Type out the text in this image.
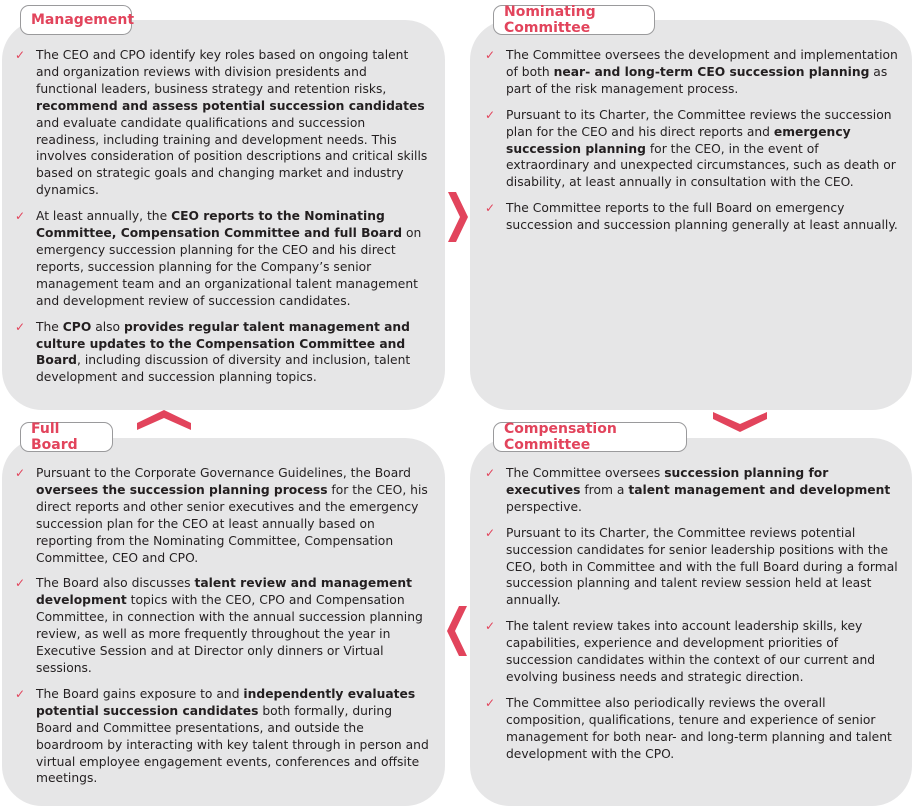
Management	Nominating Committee
Full Board
Compensation Committee
✓ The CEO and CPO identify key roles based on ongoing talent and organization reviews with division presidents and functional leaders, business strategy and retention risks, recommend and assess potential succession candidates and evaluate candidate qualifications and succession readiness, including training and development needs. This involves consideration of position descriptions and critical skills based on strategic goals and changing market and industry dynamics.
✓ At least annually, the CEO reports to the Nominating Committee, Compensation Committee and full Board on emergency succession planning for the CEO and his direct reports, succession planning for the Company’s senior management team and an organizational talent management and development review of succession candidates.
✓ The CPO also provides regular talent management and culture updates to the Compensation Committee and Board, including discussion of diversity and inclusion, talent development and succession planning topics.
✓ The Committee oversees the development and implementation of both near- and long-term CEO succession planning as part of the risk management process.
✓ Pursuant to its Charter, the Committee reviews the succession plan for the CEO and his direct reports and emergency succession planning for the CEO, in the event of extraordinary and unexpected circumstances, such as death or disability, at least annually in consultation with the CEO.
✓ The Committee reports to the full Board on emergency succession and succession planning generally at least annually.
✓ Pursuant to the Corporate Governance Guidelines, the Board oversees the succession planning process for the CEO, his direct reports and other senior executives and the emergency succession plan for the CEO at least annually based on reporting from the Nominating Committee, Compensation Committee, CEO and CPO.
✓ The Board also discusses talent review and management development topics with the CEO, CPO and Compensation Committee, in connection with the annual succession planning review, as well as more frequently throughout the year in Executive Session and at Director only dinners or Virtual sessions.
✓ The Board gains exposure to and independently evaluates potential succession candidates both formally, during Board and Committee presentations, and outside the boardroom by interacting with key talent through in person and virtual employee engagement events, conferences and offsite meetings.
✓ The Committee oversees succession planning for executives from a talent management and development perspective.
✓ Pursuant to its Charter, the Committee reviews potential succession candidates for senior leadership positions with the CEO, both in Committee and with the full Board during a formal succession planning and talent review session held at least annually.
✓ The talent review takes into account leadership skills, key capabilities, experience and development priorities of succession candidates within the context of our current and evolving business needs and strategic direction.
✓ The Committee also periodically reviews the overall composition, qualifications, tenure and experience of senior management for both near- and long-term planning and talent development with the CPO.
